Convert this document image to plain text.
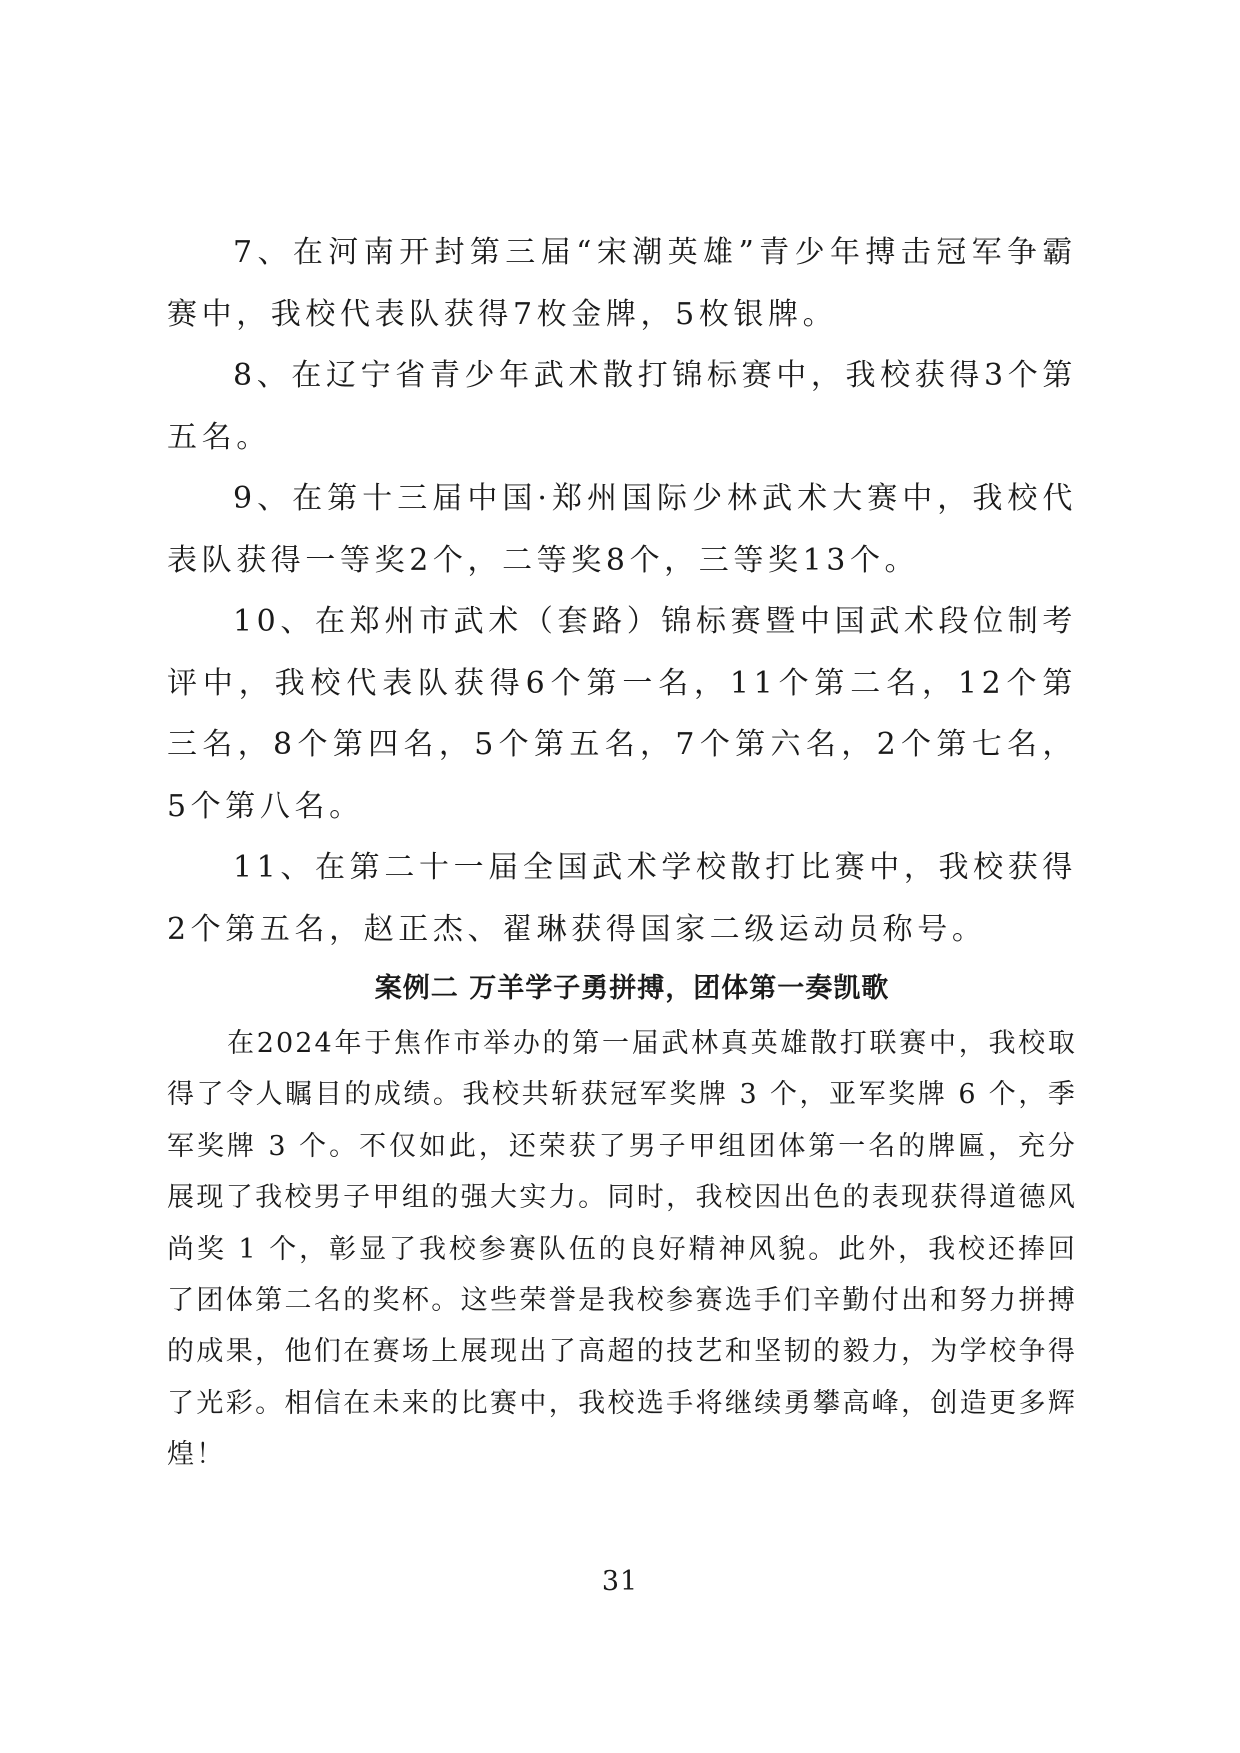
7、在河南开封第三届“宋潮英雄”青少年搏击冠军争霸赛中，我校代表队获得7枚金牌，5枚银牌。

8、在辽宁省青少年武术散打锦标赛中，我校获得3个第五名。

9、在第十三届中国·郑州国际少林武术大赛中，我校代表队获得一等奖2个，二等奖8个，三等奖13个。

10、在郑州市武术（套路）锦标赛暨中国武术段位制考评中，我校代表队获得6个第一名，11个第二名，12个第三名，8个第四名，5个第五名，7个第六名，2个第七名，5个第八名。

11、在第二十一届全国武术学校散打比赛中，我校获得2个第五名，赵正杰、翟琳获得国家二级运动员称号。

案例二 万羊学子勇拼搏，团体第一奏凯歌

在2024年于焦作市举办的第一届武林真英雄散打联赛中，我校取得了令人瞩目的成绩。我校共斩获冠军奖牌 3 个，亚军奖牌 6 个，季军奖牌 3 个。不仅如此，还荣获了男子甲组团体第一名的牌匾，充分展现了我校男子甲组的强大实力。同时，我校因出色的表现获得道德风尚奖 1 个，彰显了我校参赛队伍的良好精神风貌。此外，我校还捧回了团体第二名的奖杯。这些荣誉是我校参赛选手们辛勤付出和努力拼搏的成果，他们在赛场上展现出了高超的技艺和坚韧的毅力，为学校争得了光彩。相信在未来的比赛中，我校选手将继续勇攀高峰，创造更多辉煌！

31
